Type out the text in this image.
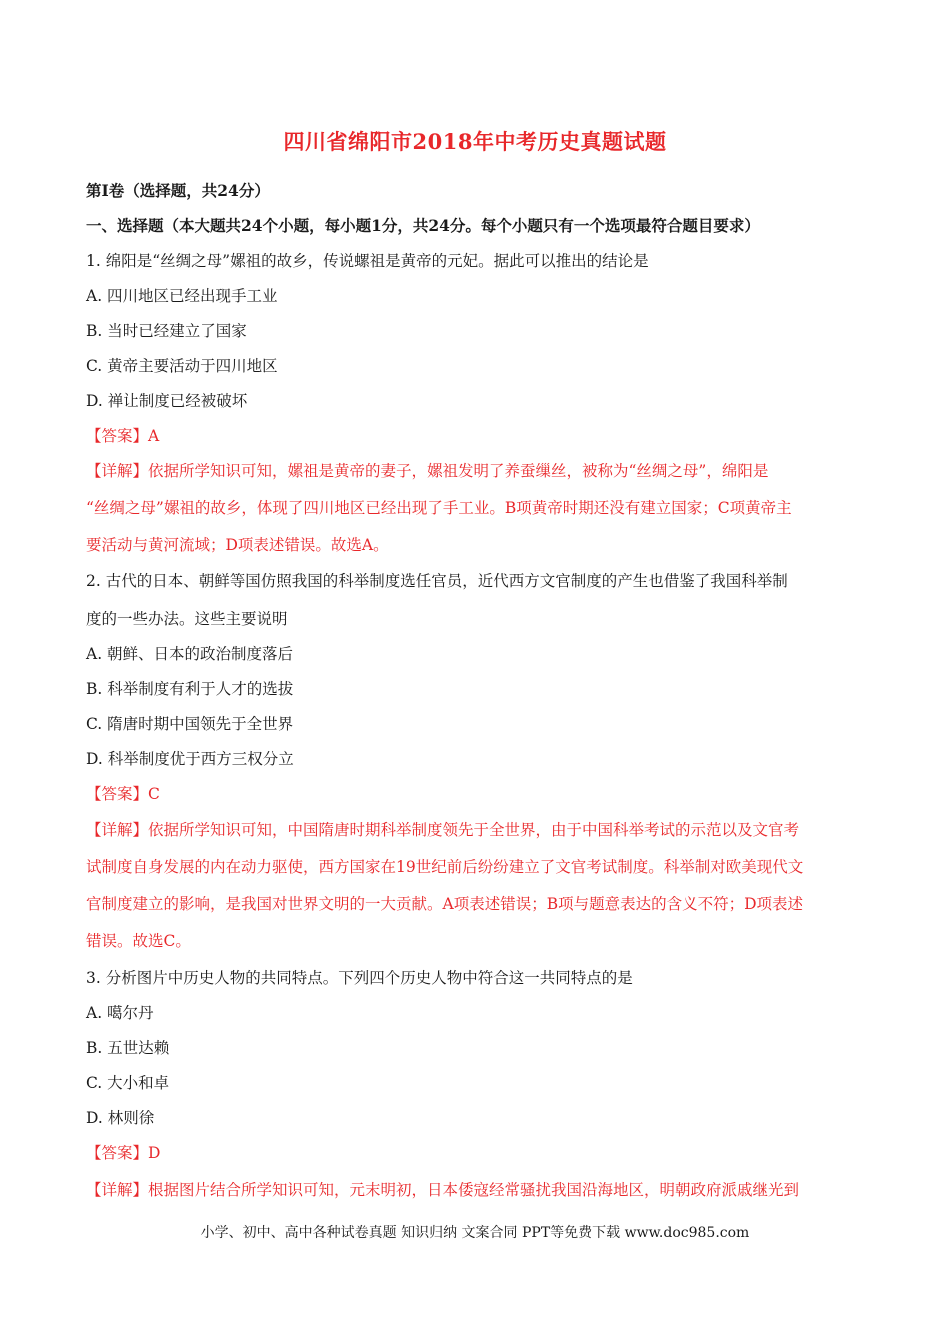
四川省绵阳市2018年中考历史真题试题
第Ⅰ卷（选择题，共24分）
一、选择题（本大题共24个小题，每小题1分，共24分。每个小题只有一个选项最符合题目要求）
1. 绵阳是“丝绸之母”嫘祖的故乡，传说螺祖是黄帝的元妃。据此可以推出的结论是
A. 四川地区已经出现手工业
B. 当时已经建立了国家
C. 黄帝主要活动于四川地区
D. 禅让制度已经被破坏
【答案】A
【详解】依据所学知识可知，嫘祖是黄帝的妻子，嫘祖发明了养蚕缫丝，被称为“丝绸之母”，绵阳是
“丝绸之母”嫘祖的故乡，体现了四川地区已经出现了手工业。B项黄帝时期还没有建立国家；C项黄帝主
要活动与黄河流域；D项表述错误。故选A。
2. 古代的日本、朝鲜等国仿照我国的科举制度选任官员，近代西方文官制度的产生也借鉴了我国科举制
度的一些办法。这些主要说明
A. 朝鲜、日本的政治制度落后
B. 科举制度有利于人才的选拔
C. 隋唐时期中国领先于全世界
D. 科举制度优于西方三权分立
【答案】C
【详解】依据所学知识可知，中国隋唐时期科举制度领先于全世界，由于中国科举考试的示范以及文官考
试制度自身发展的内在动力驱使，西方国家在19世纪前后纷纷建立了文官考试制度。科举制对欧美现代文
官制度建立的影响，是我国对世界文明的一大贡献。A项表述错误；B项与题意表达的含义不符；D项表述
错误。故选C。
3. 分析图片中历史人物的共同特点。下列四个历史人物中符合这一共同特点的是
A. 噶尔丹
B. 五世达赖
C. 大小和卓
D. 林则徐
【答案】D
【详解】根据图片结合所学知识可知，元末明初，日本倭寇经常骚扰我国沿海地区，明朝政府派戚继光到
小学、初中、高中各种试卷真题 知识归纳 文案合同 PPT等免费下载 www.doc985.com
